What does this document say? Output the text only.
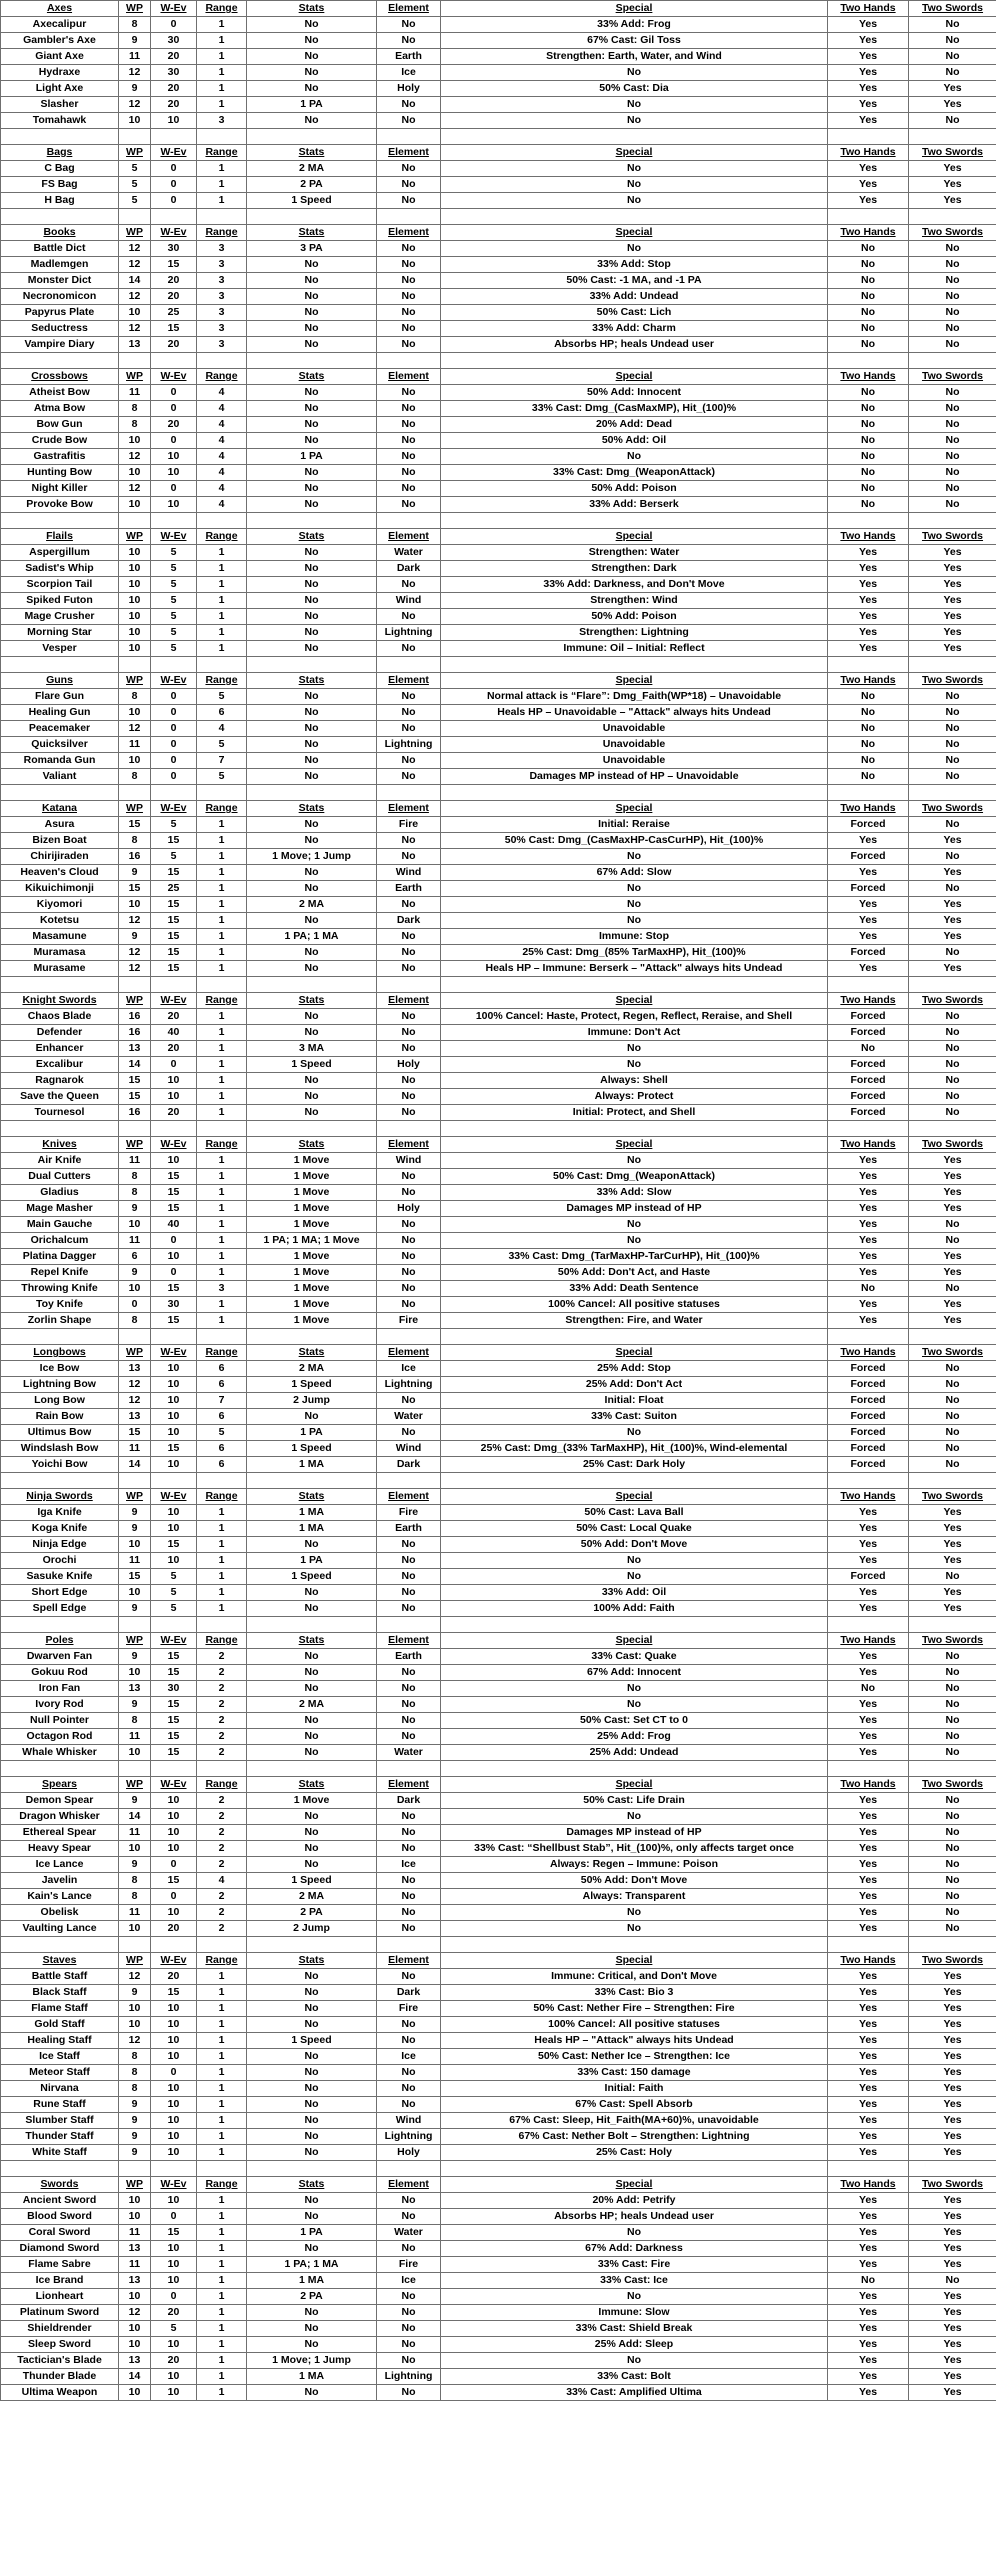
Axes	WP	W-Ev	Range	Stats	Element	Special	Two Hands	Two Swords
Axecalipur	8	0	1	No	No	33% Add: Frog	Yes	No
Gambler's Axe	9	30	1	No	No	67% Cast: Gil Toss	Yes	No
Giant Axe	11	20	1	No	Earth	Strengthen: Earth, Water, and Wind	Yes	No
Hydraxe	12	30	1	No	Ice	No	Yes	No
Light Axe	9	20	1	No	Holy	50% Cast: Dia	Yes	Yes
Slasher	12	20	1	1 PA	No	No	Yes	Yes
Tomahawk	10	10	3	No	No	No	Yes	No

Bags	WP	W-Ev	Range	Stats	Element	Special	Two Hands	Two Swords
C Bag	5	0	1	2 MA	No	No	Yes	Yes
FS Bag	5	0	1	2 PA	No	No	Yes	Yes
H Bag	5	0	1	1 Speed	No	No	Yes	Yes

Books	WP	W-Ev	Range	Stats	Element	Special	Two Hands	Two Swords
Battle Dict	12	30	3	3 PA	No	No	No	No
Madlemgen	12	15	3	No	No	33% Add: Stop	No	No
Monster Dict	14	20	3	No	No	50% Cast: -1 MA, and -1 PA	No	No
Necronomicon	12	20	3	No	No	33% Add: Undead	No	No
Papyrus Plate	10	25	3	No	No	50% Cast: Lich	No	No
Seductress	12	15	3	No	No	33% Add: Charm	No	No
Vampire Diary	13	20	3	No	No	Absorbs HP; heals Undead user	No	No

Crossbows	WP	W-Ev	Range	Stats	Element	Special	Two Hands	Two Swords
Atheist Bow	11	0	4	No	No	50% Add: Innocent	No	No
Atma Bow	8	0	4	No	No	33% Cast: Dmg_(CasMaxMP), Hit_(100)%	No	No
Bow Gun	8	20	4	No	No	20% Add: Dead	No	No
Crude Bow	10	0	4	No	No	50% Add: Oil	No	No
Gastrafitis	12	10	4	1 PA	No	No	No	No
Hunting Bow	10	10	4	No	No	33% Cast: Dmg_(WeaponAttack)	No	No
Night Killer	12	0	4	No	No	50% Add: Poison	No	No
Provoke Bow	10	10	4	No	No	33% Add: Berserk	No	No

Flails	WP	W-Ev	Range	Stats	Element	Special	Two Hands	Two Swords
Aspergillum	10	5	1	No	Water	Strengthen: Water	Yes	Yes
Sadist's Whip	10	5	1	No	Dark	Strengthen: Dark	Yes	Yes
Scorpion Tail	10	5	1	No	No	33% Add: Darkness, and Don't Move	Yes	Yes
Spiked Futon	10	5	1	No	Wind	Strengthen: Wind	Yes	Yes
Mage Crusher	10	5	1	No	No	50% Add: Poison	Yes	Yes
Morning Star	10	5	1	No	Lightning	Strengthen: Lightning	Yes	Yes
Vesper	10	5	1	No	No	Immune: Oil – Initial: Reflect	Yes	Yes

Guns	WP	W-Ev	Range	Stats	Element	Special	Two Hands	Two Swords
Flare Gun	8	0	5	No	No	Normal attack is “Flare”: Dmg_Faith(WP*18) – Unavoidable	No	No
Healing Gun	10	0	6	No	No	Heals HP – Unavoidable – "Attack" always hits Undead	No	No
Peacemaker	12	0	4	No	No	Unavoidable	No	No
Quicksilver	11	0	5	No	Lightning	Unavoidable	No	No
Romanda Gun	10	0	7	No	No	Unavoidable	No	No
Valiant	8	0	5	No	No	Damages MP instead of HP – Unavoidable	No	No

Katana	WP	W-Ev	Range	Stats	Element	Special	Two Hands	Two Swords
Asura	15	5	1	No	Fire	Initial: Reraise	Forced	No
Bizen Boat	8	15	1	No	No	50% Cast: Dmg_(CasMaxHP-CasCurHP), Hit_(100)%	Yes	Yes
Chirijiraden	16	5	1	1 Move; 1 Jump	No	No	Forced	No
Heaven's Cloud	9	15	1	No	Wind	67% Add: Slow	Yes	Yes
Kikuichimonji	15	25	1	No	Earth	No	Forced	No
Kiyomori	10	15	1	2 MA	No	No	Yes	Yes
Kotetsu	12	15	1	No	Dark	No	Yes	Yes
Masamune	9	15	1	1 PA; 1 MA	No	Immune: Stop	Yes	Yes
Muramasa	12	15	1	No	No	25% Cast: Dmg_(85% TarMaxHP), Hit_(100)%	Forced	No
Murasame	12	15	1	No	No	Heals HP – Immune: Berserk – "Attack" always hits Undead	Yes	Yes

Knight Swords	WP	W-Ev	Range	Stats	Element	Special	Two Hands	Two Swords
Chaos Blade	16	20	1	No	No	100% Cancel: Haste, Protect, Regen, Reflect, Reraise, and Shell	Forced	No
Defender	16	40	1	No	No	Immune: Don't Act	Forced	No
Enhancer	13	20	1	3 MA	No	No	No	No
Excalibur	14	0	1	1 Speed	Holy	No	Forced	No
Ragnarok	15	10	1	No	No	Always: Shell	Forced	No
Save the Queen	15	10	1	No	No	Always: Protect	Forced	No
Tournesol	16	20	1	No	No	Initial: Protect, and Shell	Forced	No

Knives	WP	W-Ev	Range	Stats	Element	Special	Two Hands	Two Swords
Air Knife	11	10	1	1 Move	Wind	No	Yes	Yes
Dual Cutters	8	15	1	1 Move	No	50% Cast: Dmg_(WeaponAttack)	Yes	Yes
Gladius	8	15	1	1 Move	No	33% Add: Slow	Yes	Yes
Mage Masher	9	15	1	1 Move	Holy	Damages MP instead of HP	Yes	Yes
Main Gauche	10	40	1	1 Move	No	No	Yes	No
Orichalcum	11	0	1	1 PA; 1 MA; 1 Move	No	No	Yes	No
Platina Dagger	6	10	1	1 Move	No	33% Cast: Dmg_(TarMaxHP-TarCurHP), Hit_(100)%	Yes	Yes
Repel Knife	9	0	1	1 Move	No	50% Add: Don't Act, and Haste	Yes	Yes
Throwing Knife	10	15	3	1 Move	No	33% Add: Death Sentence	No	No
Toy Knife	0	30	1	1 Move	No	100% Cancel: All positive statuses	Yes	Yes
Zorlin Shape	8	15	1	1 Move	Fire	Strengthen: Fire, and Water	Yes	Yes

Longbows	WP	W-Ev	Range	Stats	Element	Special	Two Hands	Two Swords
Ice Bow	13	10	6	2 MA	Ice	25% Add: Stop	Forced	No
Lightning Bow	12	10	6	1 Speed	Lightning	25% Add: Don't Act	Forced	No
Long Bow	12	10	7	2 Jump	No	Initial: Float	Forced	No
Rain Bow	13	10	6	No	Water	33% Cast: Suiton	Forced	No
Ultimus Bow	15	10	5	1 PA	No	No	Forced	No
Windslash Bow	11	15	6	1 Speed	Wind	25% Cast: Dmg_(33% TarMaxHP), Hit_(100)%, Wind-elemental	Forced	No
Yoichi Bow	14	10	6	1 MA	Dark	25% Cast: Dark Holy	Forced	No

Ninja Swords	WP	W-Ev	Range	Stats	Element	Special	Two Hands	Two Swords
Iga Knife	9	10	1	1 MA	Fire	50% Cast: Lava Ball	Yes	Yes
Koga Knife	9	10	1	1 MA	Earth	50% Cast: Local Quake	Yes	Yes
Ninja Edge	10	15	1	No	No	50% Add: Don't Move	Yes	Yes
Orochi	11	10	1	1 PA	No	No	Yes	Yes
Sasuke Knife	15	5	1	1 Speed	No	No	Forced	No
Short Edge	10	5	1	No	No	33% Add: Oil	Yes	Yes
Spell Edge	9	5	1	No	No	100% Add: Faith	Yes	Yes

Poles	WP	W-Ev	Range	Stats	Element	Special	Two Hands	Two Swords
Dwarven Fan	9	15	2	No	Earth	33% Cast: Quake	Yes	No
Gokuu Rod	10	15	2	No	No	67% Add: Innocent	Yes	No
Iron Fan	13	30	2	No	No	No	No	No
Ivory Rod	9	15	2	2 MA	No	No	Yes	No
Null Pointer	8	15	2	No	No	50% Cast: Set CT to 0	Yes	No
Octagon Rod	11	15	2	No	No	25% Add: Frog	Yes	No
Whale Whisker	10	15	2	No	Water	25% Add: Undead	Yes	No

Spears	WP	W-Ev	Range	Stats	Element	Special	Two Hands	Two Swords
Demon Spear	9	10	2	1 Move	Dark	50% Cast: Life Drain	Yes	No
Dragon Whisker	14	10	2	No	No	No	Yes	No
Ethereal Spear	11	10	2	No	No	Damages MP instead of HP	Yes	No
Heavy Spear	10	10	2	No	No	33% Cast: “Shellbust Stab”, Hit_(100)%, only affects target once	Yes	No
Ice Lance	9	0	2	No	Ice	Always: Regen – Immune: Poison	Yes	No
Javelin	8	15	4	1 Speed	No	50% Add: Don't Move	Yes	No
Kain's Lance	8	0	2	2 MA	No	Always: Transparent	Yes	No
Obelisk	11	10	2	2 PA	No	No	Yes	No
Vaulting Lance	10	20	2	2 Jump	No	No	Yes	No

Staves	WP	W-Ev	Range	Stats	Element	Special	Two Hands	Two Swords
Battle Staff	12	20	1	No	No	Immune: Critical, and Don't Move	Yes	Yes
Black Staff	9	15	1	No	Dark	33% Cast: Bio 3	Yes	Yes
Flame Staff	10	10	1	No	Fire	50% Cast: Nether Fire – Strengthen: Fire	Yes	Yes
Gold Staff	10	10	1	No	No	100% Cancel: All positive statuses	Yes	Yes
Healing Staff	12	10	1	1 Speed	No	Heals HP – "Attack" always hits Undead	Yes	Yes
Ice Staff	8	10	1	No	Ice	50% Cast: Nether Ice – Strengthen: Ice	Yes	Yes
Meteor Staff	8	0	1	No	No	33% Cast: 150 damage	Yes	Yes
Nirvana	8	10	1	No	No	Initial: Faith	Yes	Yes
Rune Staff	9	10	1	No	No	67% Cast: Spell Absorb	Yes	Yes
Slumber Staff	9	10	1	No	Wind	67% Cast: Sleep, Hit_Faith(MA+60)%, unavoidable	Yes	Yes
Thunder Staff	9	10	1	No	Lightning	67% Cast: Nether Bolt – Strengthen: Lightning	Yes	Yes
White Staff	9	10	1	No	Holy	25% Cast: Holy	Yes	Yes

Swords	WP	W-Ev	Range	Stats	Element	Special	Two Hands	Two Swords
Ancient Sword	10	10	1	No	No	20% Add: Petrify	Yes	Yes
Blood Sword	10	0	1	No	No	Absorbs HP; heals Undead user	Yes	Yes
Coral Sword	11	15	1	1 PA	Water	No	Yes	Yes
Diamond Sword	13	10	1	No	No	67% Add: Darkness	Yes	Yes
Flame Sabre	11	10	1	1 PA; 1 MA	Fire	33% Cast: Fire	Yes	Yes
Ice Brand	13	10	1	1 MA	Ice	33% Cast: Ice	No	No
Lionheart	10	0	1	2 PA	No	No	Yes	Yes
Platinum Sword	12	20	1	No	No	Immune: Slow	Yes	Yes
Shieldrender	10	5	1	No	No	33% Cast: Shield Break	Yes	Yes
Sleep Sword	10	10	1	No	No	25% Add: Sleep	Yes	Yes
Tactician's Blade	13	20	1	1 Move; 1 Jump	No	No	Yes	Yes
Thunder Blade	14	10	1	1 MA	Lightning	33% Cast: Bolt	Yes	Yes
Ultima Weapon	10	10	1	No	No	33% Cast: Amplified Ultima	Yes	Yes
